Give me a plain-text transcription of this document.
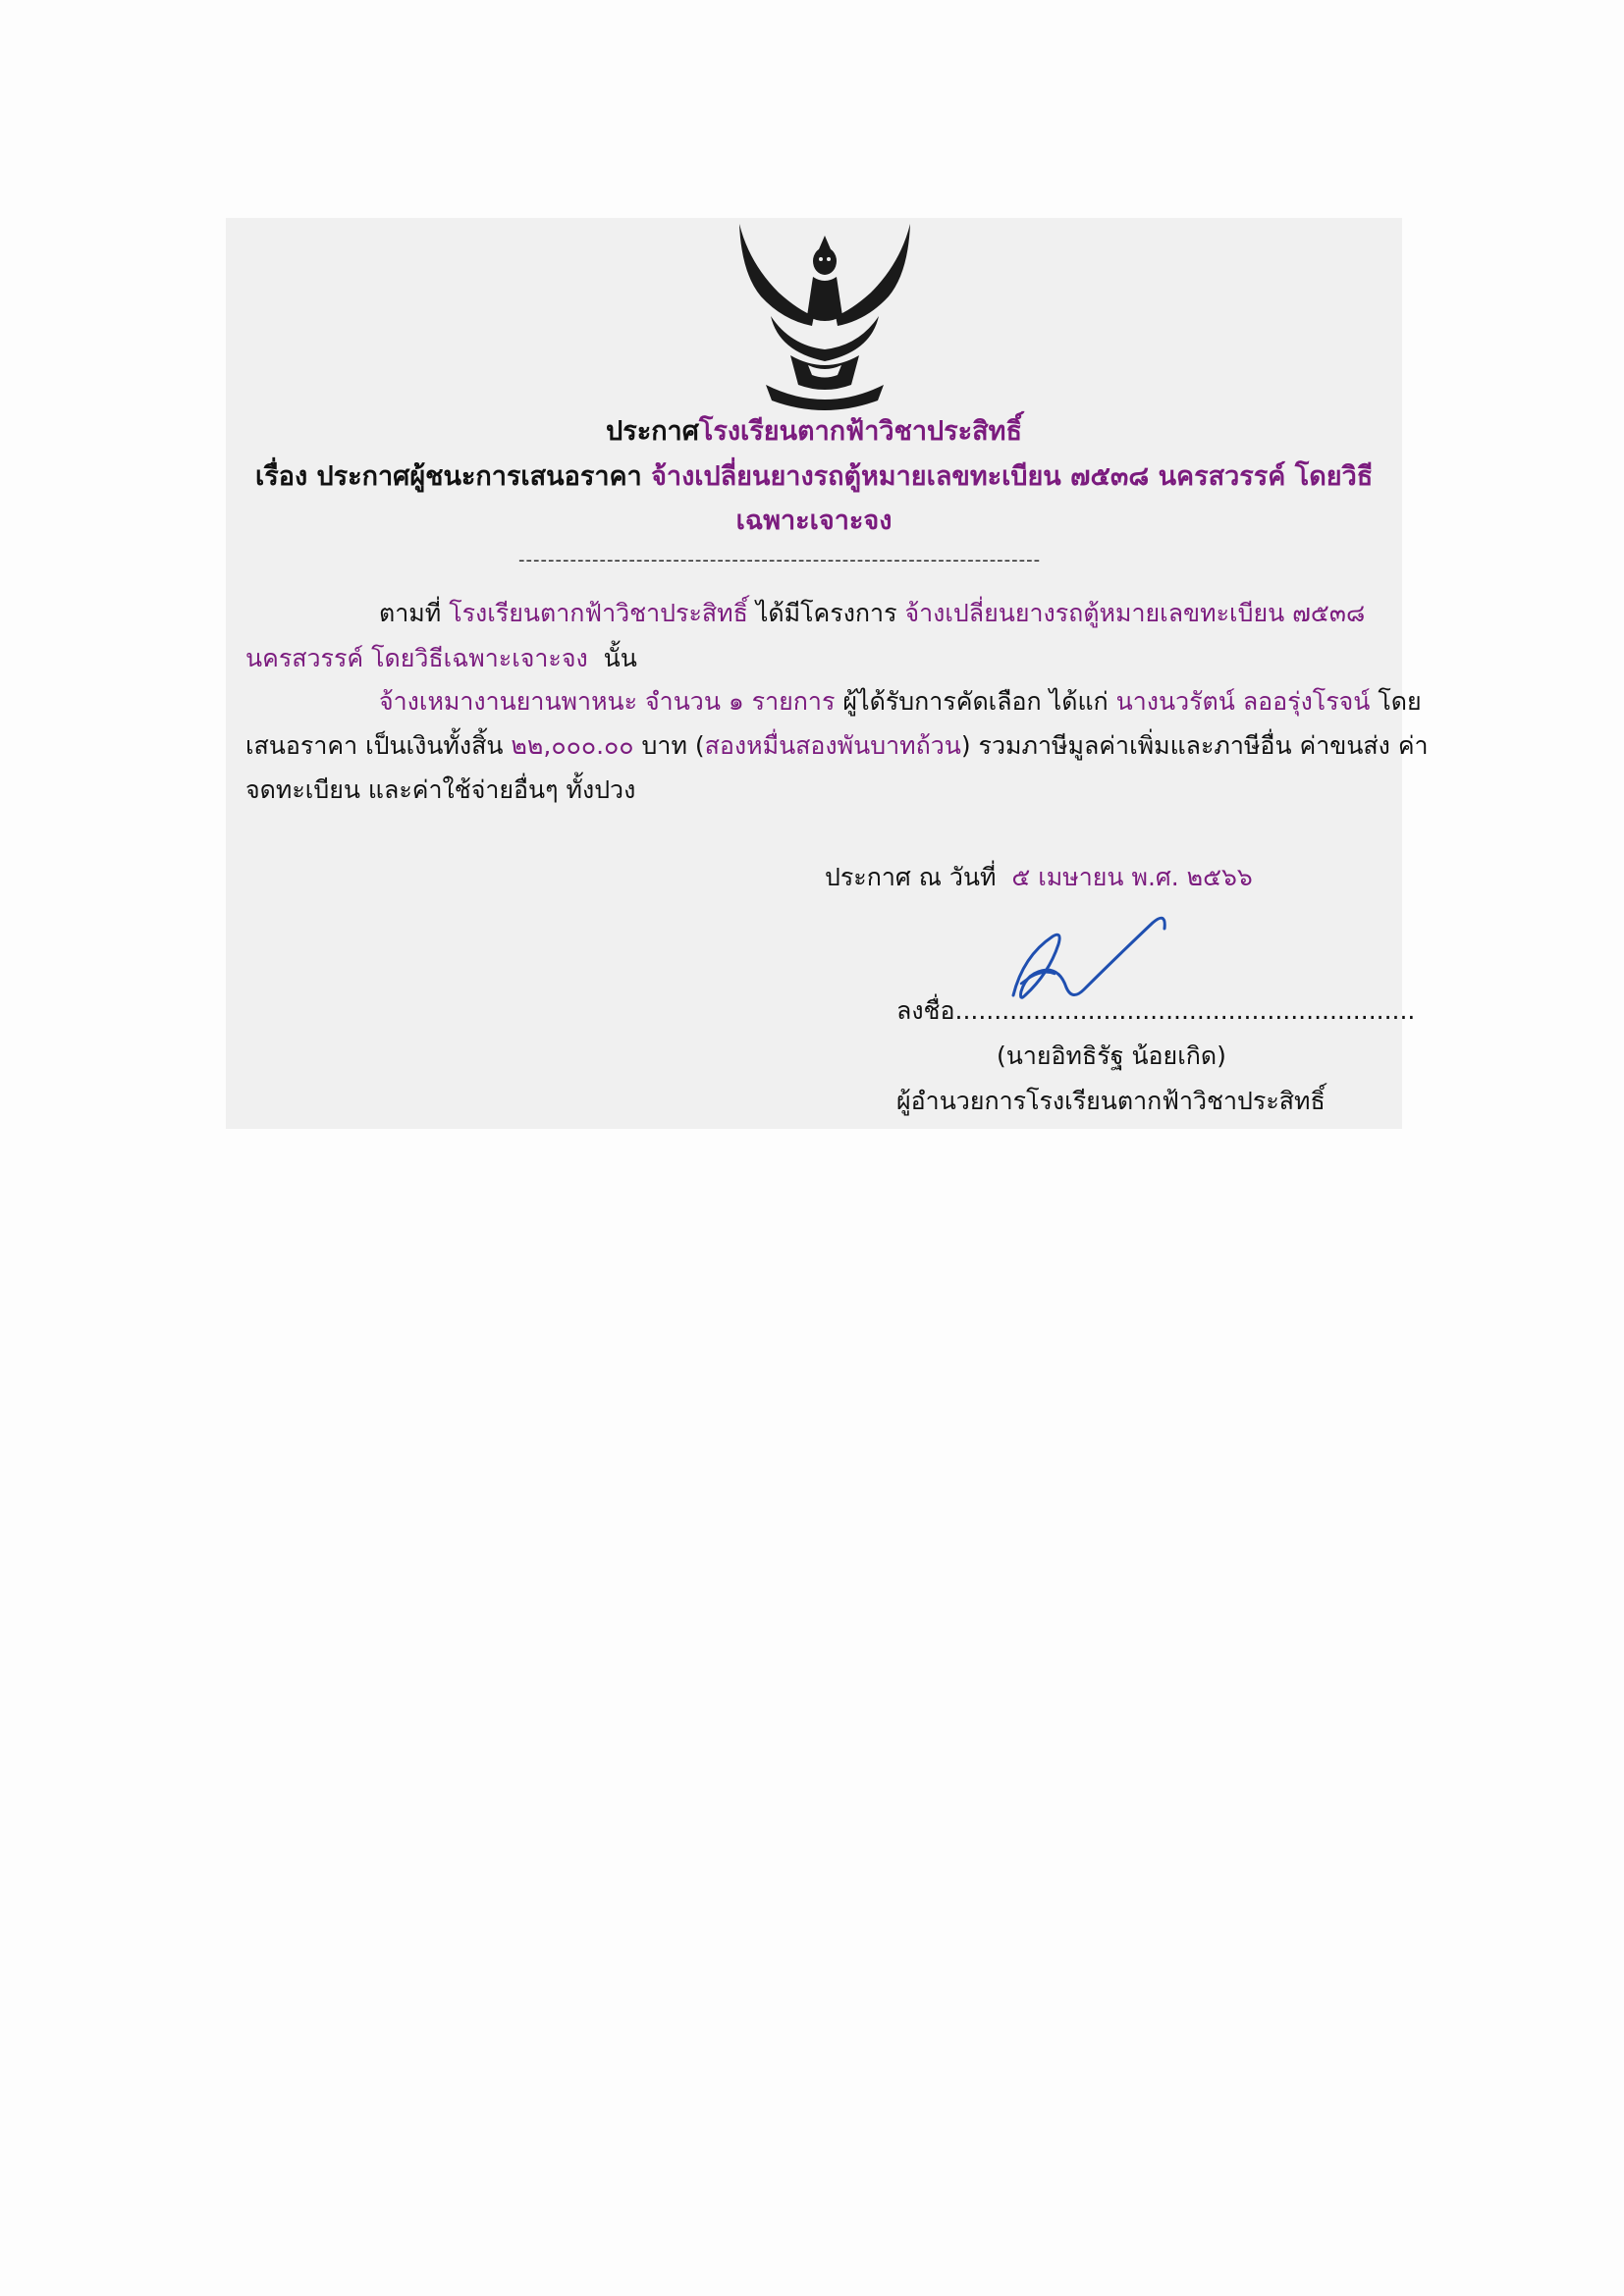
ประกาศโรงเรียนตากฟ้าวิชาประสิทธิ์
เรื่อง ประกาศผู้ชนะการเสนอราคา จ้างเปลี่ยนยางรถตู้หมายเลขทะเบียน ๗๕๓๘ นครสวรรค์ โดยวิธี
เฉพาะเจาะจง
-----------------------------------------------------------------------
ตามที่ โรงเรียนตากฟ้าวิชาประสิทธิ์ ได้มีโครงการ จ้างเปลี่ยนยางรถตู้หมายเลขทะเบียน ๗๕๓๘
นครสวรรค์ โดยวิธีเฉพาะเจาะจง นั้น
จ้างเหมางานยานพาหนะ จำนวน ๑ รายการ ผู้ได้รับการคัดเลือก ได้แก่ นางนวรัตน์ ลออรุ่งโรจน์ โดย
เสนอราคา เป็นเงินทั้งสิ้น ๒๒,๐๐๐.๐๐ บาท (สองหมื่นสองพันบาทถ้วน) รวมภาษีมูลค่าเพิ่มและภาษีอื่น ค่าขนส่ง ค่า
จดทะเบียน และค่าใช้จ่ายอื่นๆ ทั้งปวง
ประกาศ ณ วันที่ ๕ เมษายน พ.ศ. ๒๕๖๖
ลงชื่อ...........................................................
(นายอิทธิรัฐ น้อยเกิด)
ผู้อำนวยการโรงเรียนตากฟ้าวิชาประสิทธิ์
